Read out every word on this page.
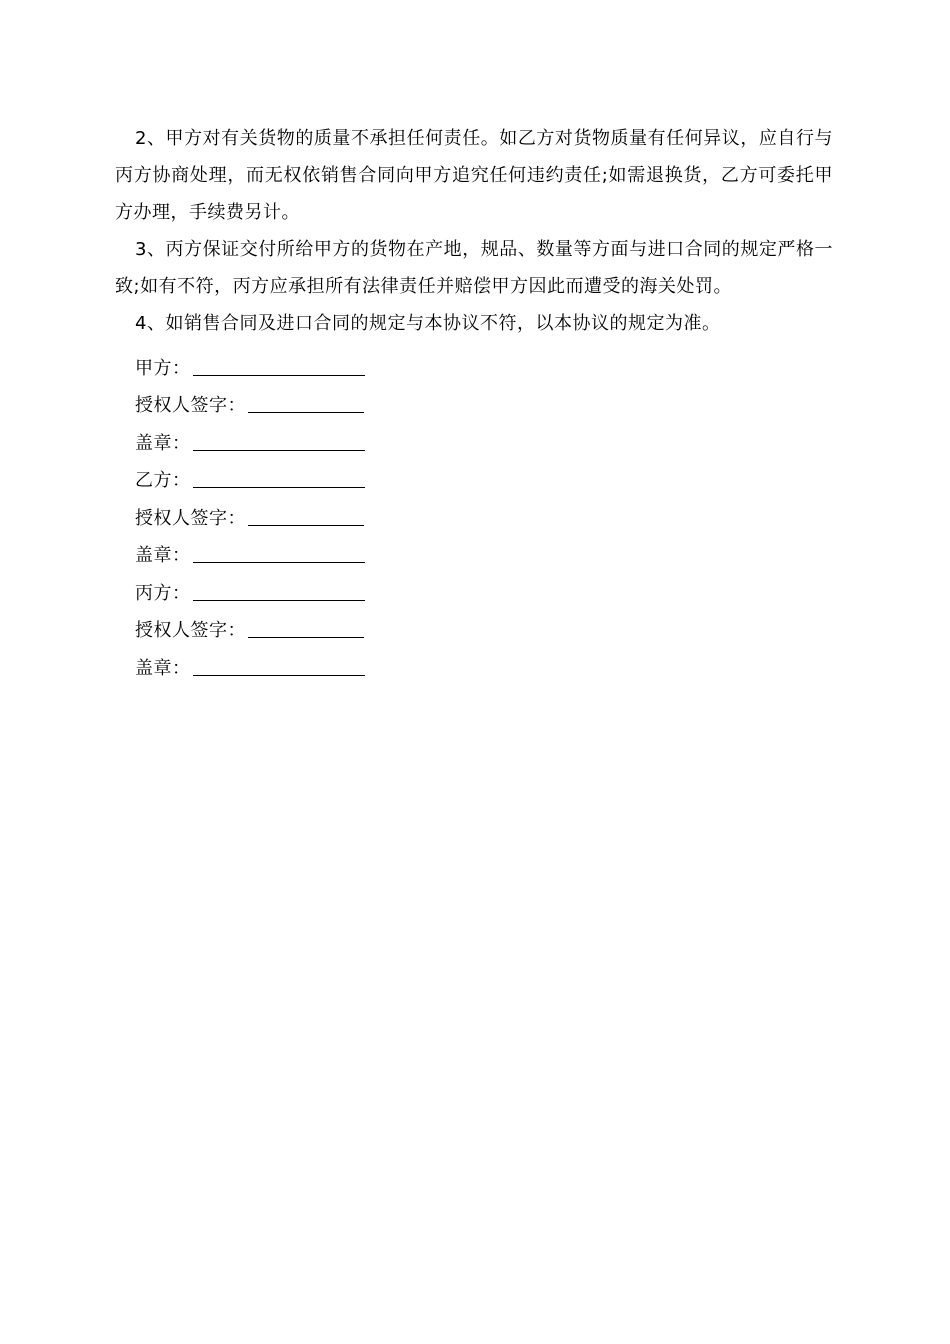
2、甲方对有关货物的质量不承担任何责任。如乙方对货物质量有任何异议，应自行与丙方协商处理，而无权依销售合同向甲方追究任何违约责任;如需退换货，乙方可委托甲方办理，手续费另计。

3、丙方保证交付所给甲方的货物在产地，规品、数量等方面与进口合同的规定严格一致;如有不符，丙方应承担所有法律责任并赔偿甲方因此而遭受的海关处罚。

4、如销售合同及进口合同的规定与本协议不符，以本协议的规定为准。

甲方：
授权人签字：
盖章：
乙方：
授权人签字：
盖章：
丙方：
授权人签字：
盖章：
